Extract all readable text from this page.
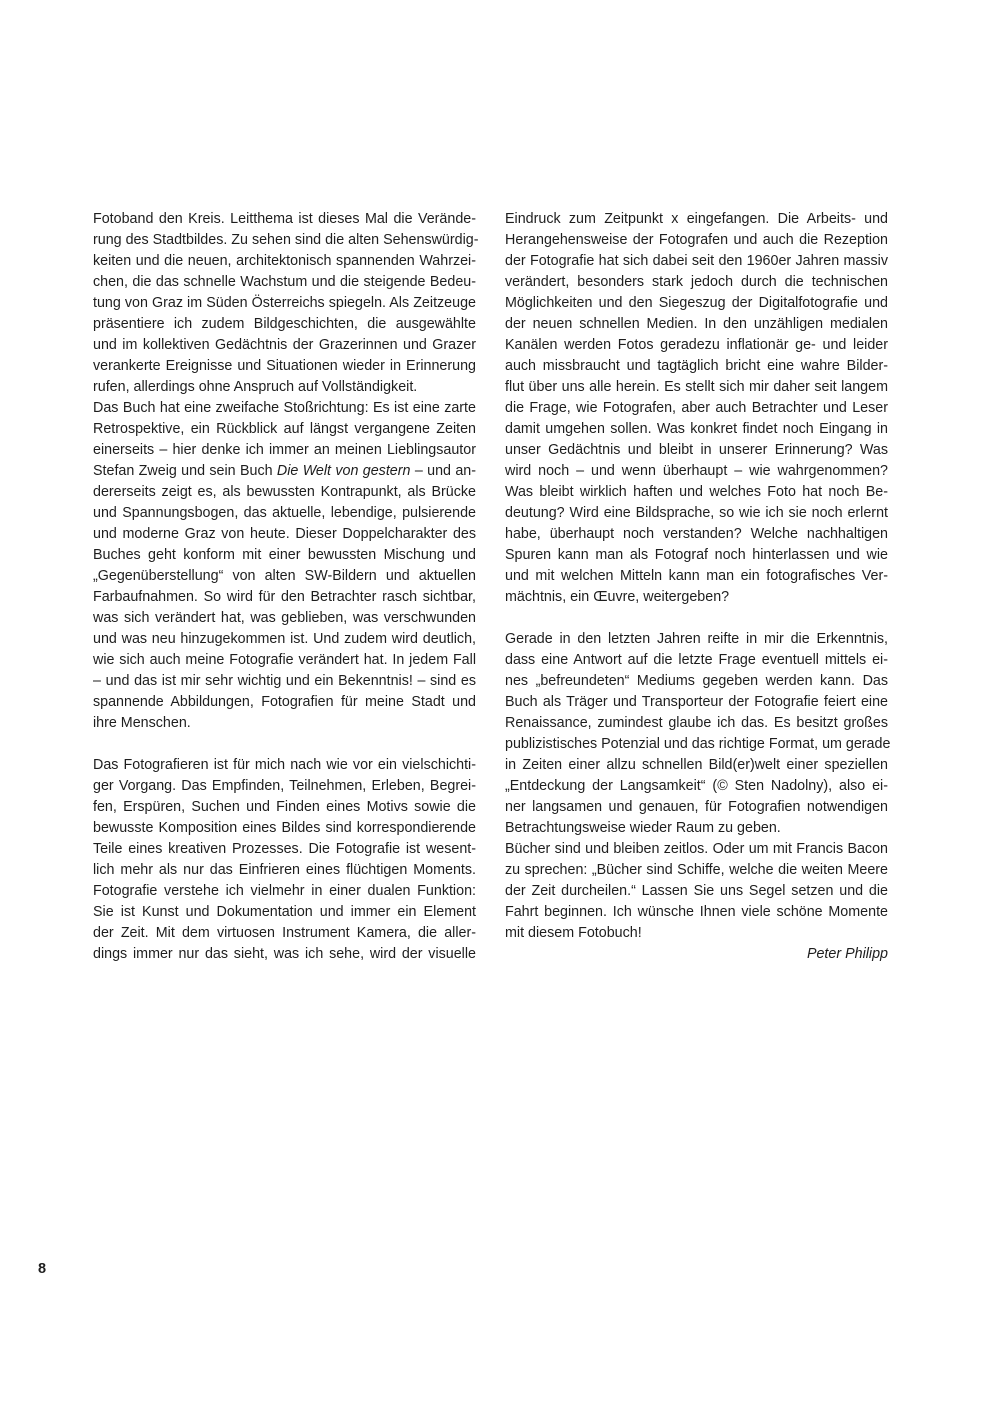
Fotoband den Kreis. Leitthema ist dieses Mal die Verände-
rung des Stadtbildes. Zu sehen sind die alten Sehenswürdig-
keiten und die neuen, architektonisch spannenden Wahrzei-
chen, die das schnelle Wachstum und die steigende Bedeu-
tung von Graz im Süden Österreichs spiegeln. Als Zeitzeuge
präsentiere ich zudem Bildgeschichten, die ausgewählte
und im kollektiven Gedächtnis der Grazerinnen und Grazer
verankerte Ereignisse und Situationen wieder in Erinnerung
rufen, allerdings ohne Anspruch auf Vollständigkeit.
Das Buch hat eine zweifache Stoßrichtung: Es ist eine zarte
Retrospektive, ein Rückblick auf längst vergangene Zeiten
einerseits – hier denke ich immer an meinen Lieblingsautor
Stefan Zweig und sein Buch Die Welt von gestern – und an-
dererseits zeigt es, als bewussten Kontrapunkt, als Brücke
und Spannungsbogen, das aktuelle, lebendige, pulsierende
und moderne Graz von heute. Dieser Doppelcharakter des
Buches geht konform mit einer bewussten Mischung und
„Gegenüberstellung“ von alten SW-Bildern und aktuellen
Farbaufnahmen. So wird für den Betrachter rasch sichtbar,
was sich verändert hat, was geblieben, was verschwunden
und was neu hinzugekommen ist. Und zudem wird deutlich,
wie sich auch meine Fotografie verändert hat. In jedem Fall
– und das ist mir sehr wichtig und ein Bekenntnis! – sind es
spannende Abbildungen, Fotografien für meine Stadt und
ihre Menschen.
Das Fotografieren ist für mich nach wie vor ein vielschichti-
ger Vorgang. Das Empfinden, Teilnehmen, Erleben, Begrei-
fen, Erspüren, Suchen und Finden eines Motivs sowie die
bewusste Komposition eines Bildes sind korrespondierende
Teile eines kreativen Prozesses. Die Fotografie ist wesent-
lich mehr als nur das Einfrieren eines flüchtigen Moments.
Fotografie verstehe ich vielmehr in einer dualen Funktion:
Sie ist Kunst und Dokumentation und immer ein Element
der Zeit. Mit dem virtuosen Instrument Kamera, die aller-
dings immer nur das sieht, was ich sehe, wird der visuelle
Eindruck zum Zeitpunkt x eingefangen. Die Arbeits- und
Herangehensweise der Fotografen und auch die Rezeption
der Fotografie hat sich dabei seit den 1960er Jahren massiv
verändert, besonders stark jedoch durch die technischen
Möglichkeiten und den Siegeszug der Digitalfotografie und
der neuen schnellen Medien. In den unzähligen medialen
Kanälen werden Fotos geradezu inflationär ge- und leider
auch missbraucht und tagtäglich bricht eine wahre Bilder-
flut über uns alle herein. Es stellt sich mir daher seit langem
die Frage, wie Fotografen, aber auch Betrachter und Leser
damit umgehen sollen. Was konkret findet noch Eingang in
unser Gedächtnis und bleibt in unserer Erinnerung? Was
wird noch – und wenn überhaupt – wie wahrgenommen?
Was bleibt wirklich haften und welches Foto hat noch Be-
deutung? Wird eine Bildsprache, so wie ich sie noch erlernt
habe, überhaupt noch verstanden? Welche nachhaltigen
Spuren kann man als Fotograf noch hinterlassen und wie
und mit welchen Mitteln kann man ein fotografisches Ver-
mächtnis, ein Œuvre, weitergeben?
Gerade in den letzten Jahren reifte in mir die Erkenntnis,
dass eine Antwort auf die letzte Frage eventuell mittels ei-
nes „befreundeten“ Mediums gegeben werden kann. Das
Buch als Träger und Transporteur der Fotografie feiert eine
Renaissance, zumindest glaube ich das. Es besitzt großes
publizistisches Potenzial und das richtige Format, um gerade
in Zeiten einer allzu schnellen Bild(er)welt einer speziellen
„Entdeckung der Langsamkeit“ (© Sten Nadolny), also ei-
ner langsamen und genauen, für Fotografien notwendigen
Betrachtungsweise wieder Raum zu geben.
Bücher sind und bleiben zeitlos. Oder um mit Francis Bacon
zu sprechen: „Bücher sind Schiffe, welche die weiten Meere
der Zeit durcheilen.“ Lassen Sie uns Segel setzen und die
Fahrt beginnen. Ich wünsche Ihnen viele schöne Momente
mit diesem Fotobuch!
Peter Philipp
8
